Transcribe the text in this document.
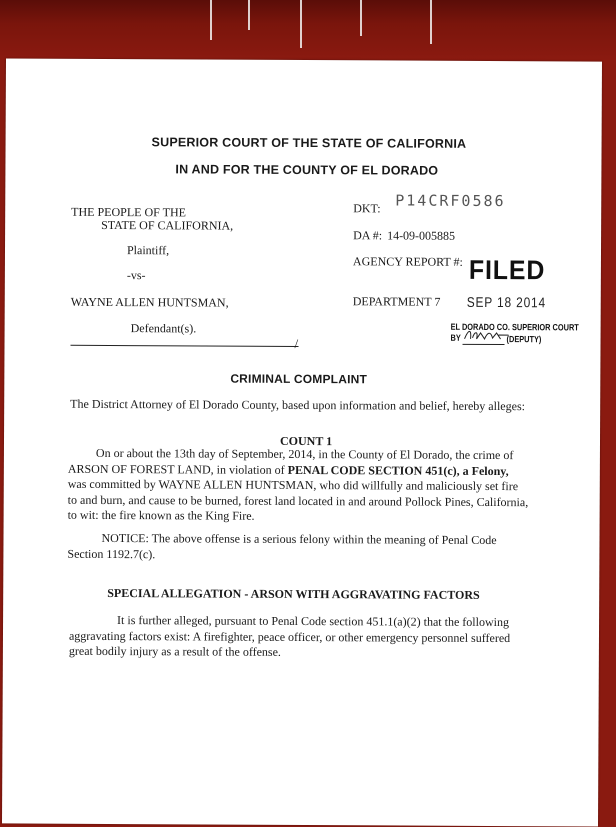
SUPERIOR COURT OF THE STATE OF CALIFORNIA
IN AND FOR THE COUNTY OF EL DORADO
THE PEOPLE OF THE
STATE OF CALIFORNIA,
Plaintiff,
-vs-
WAYNE ALLEN HUNTSMAN,
Defendant(s).
/
DKT: P14CRF0586
DA #: 14-09-005885
AGENCY REPORT #:
DEPARTMENT 7
FILED
SEP 18 2014
EL DORADO CO. SUPERIOR COURT
BY	(DEPUTY)
CRIMINAL COMPLAINT
The District Attorney of El Dorado County, based upon information and belief, hereby alleges:
COUNT 1
On or about the 13th day of September, 2014, in the County of El Dorado, the crime of ARSON OF FOREST LAND, in violation of PENAL CODE SECTION 451(c), a Felony, was committed by WAYNE ALLEN HUNTSMAN, who did willfully and maliciously set fire to and burn, and cause to be burned, forest land located in and around Pollock Pines, California, to wit: the fire known as the King Fire.
NOTICE: The above offense is a serious felony within the meaning of Penal Code Section 1192.7(c).
SPECIAL ALLEGATION - ARSON WITH AGGRAVATING FACTORS
It is further alleged, pursuant to Penal Code section 451.1(a)(2) that the following aggravating factors exist: A firefighter, peace officer, or other emergency personnel suffered great bodily injury as a result of the offense.
